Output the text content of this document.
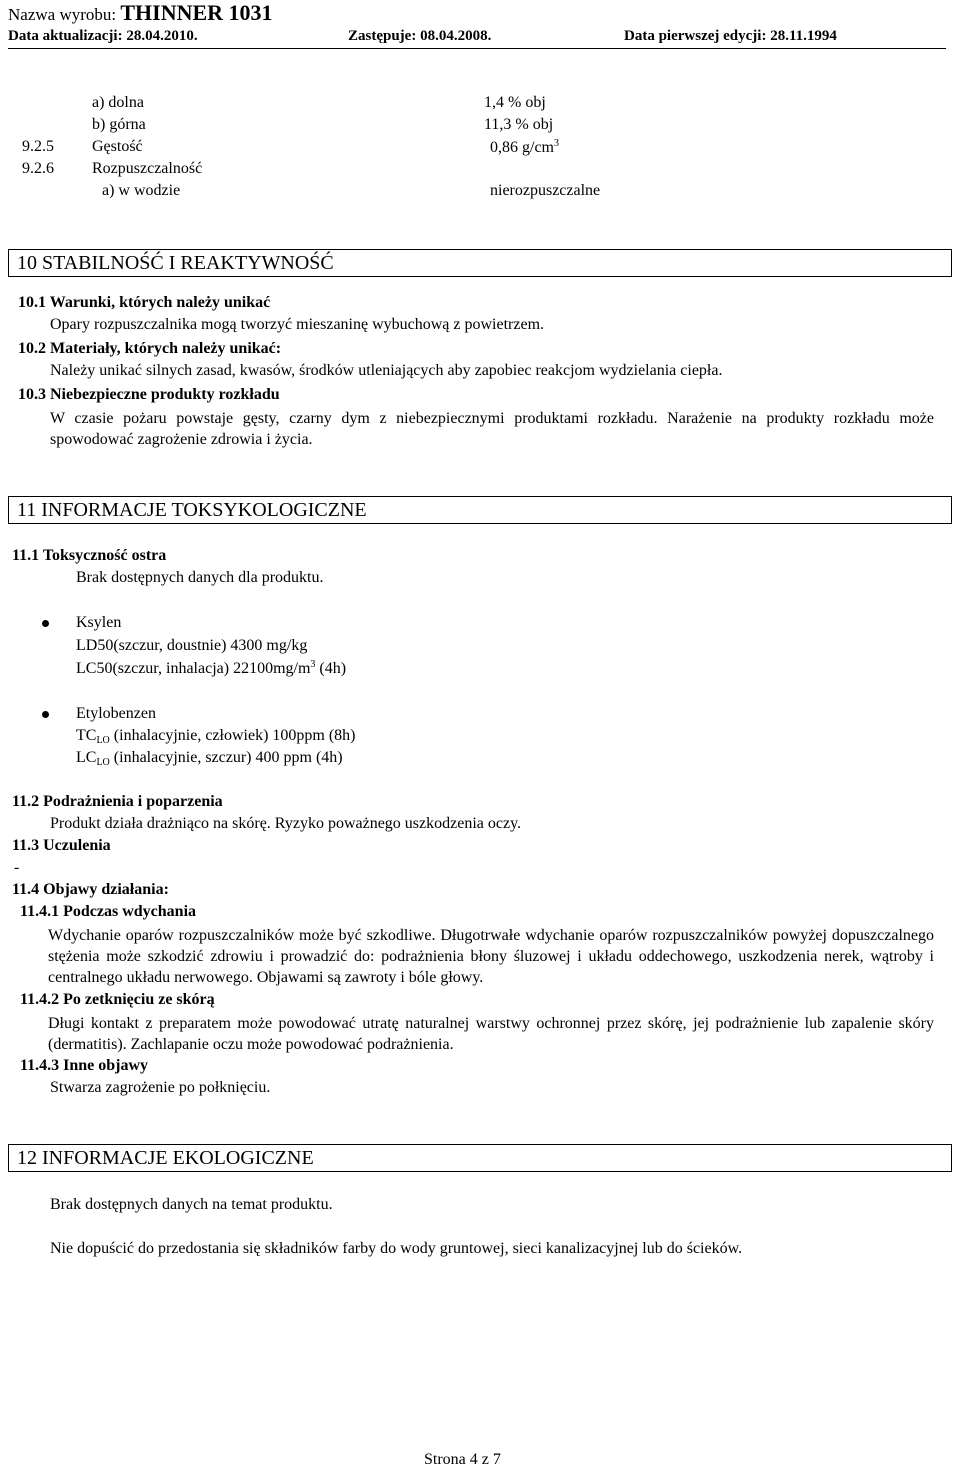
Nazwa wyrobu: THINNER 1031
Data aktualizacji: 28.04.2010.	Zastępuje: 08.04.2008.	Data pierwszej edycji: 28.11.1994
a) dolna	1,4 % obj
b) górna	11,3 % obj
9.2.5 Gęstość	0,86 $g/cm^3$
9.2.6 Rozpuszczalność
a) w wodzie	nierozpuszczalne
10 STABILNOŚĆ I REAKTYWNOŚĆ
10.1 Warunki, których należy unikać
Opary rozpuszczalnika mogą tworzyć mieszaninę wybuchową z powietrzem.
10.2 Materiały, których należy unikać:
Należy unikać silnych zasad, kwasów, środków utleniających aby zapobiec reakcjom wydzielania ciepła.
10.3 Niebezpieczne produkty rozkładu
W czasie pożaru powstaje gęsty, czarny dym z niebezpiecznymi produktami rozkładu. Narażenie na produkty rozkładu może spowodować zagrożenie zdrowia i życia.
11 INFORMACJE TOKSYKOLOGICZNE
11.1 Toksyczność ostra
Brak dostępnych danych dla produktu.
Ksylen
LD50(szczur, doustnie) 4300 mg/kg
LC50(szczur, inhalacja) $22100mg/m^3$ (4h)
Etylobenzen
$TC_{LO}$ (inhalacyjnie, człowiek) 100ppm (8h)
$LC_{LO}$ (inhalacyjnie, szczur) 400 ppm (4h)
11.2 Podrażnienia i poparzenia
Produkt działa drażniąco na skórę. Ryzyko poważnego uszkodzenia oczy.
11.3 Uczulenia
-
11.4 Objawy działania:
11.4.1 Podczas wdychania
Wdychanie oparów rozpuszczalników może być szkodliwe. Długotrwałe wdychanie oparów rozpuszczalników powyżej dopuszczalnego stężenia może szkodzić zdrowiu i prowadzić do: podrażnienia błony śluzowej i układu oddechowego, uszkodzenia nerek, wątroby i centralnego układu nerwowego. Objawami są zawroty i bóle głowy.
11.4.2 Po zetknięciu ze skórą
Długi kontakt z preparatem może powodować utratę naturalnej warstwy ochronnej przez skórę, jej podrażnienie lub zapalenie skóry (dermatitis). Zachlapanie oczu może powodować podrażnienia.
11.4.3 Inne objawy
Stwarza zagrożenie po połknięciu.
12 INFORMACJE EKOLOGICZNE
Brak dostępnych danych na temat produktu.
Nie dopuścić do przedostania się składników farby do wody gruntowej, sieci kanalizacyjnej lub do ścieków.
Strona 4 z 7
